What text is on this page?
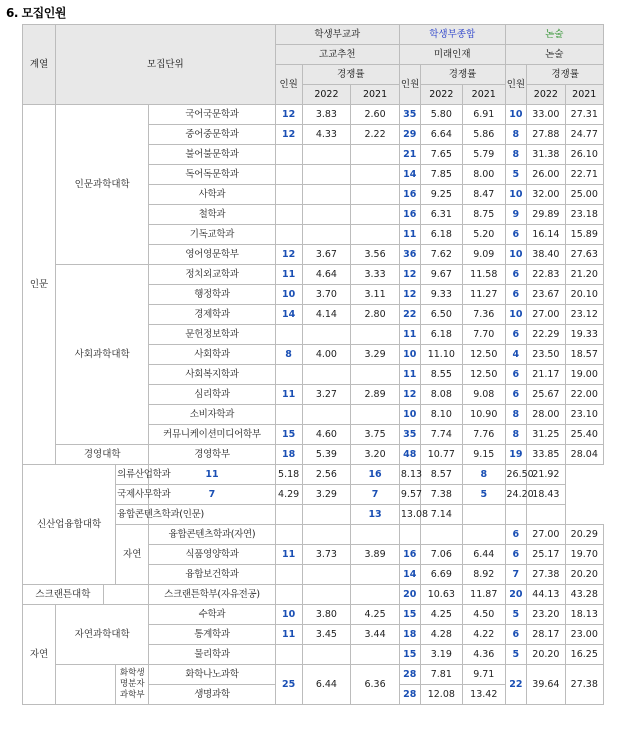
6. 모집인원
계열	모집단위				학생부교과			학생부종합			논술		
					고교추천			미래인재			논술		
					인원	경쟁률		인원	경쟁률		인원	경쟁률	
						2022	2021		2022	2021		2022	2021
인문	인문과학대학			국어국문학과	12	3.83	2.60	35	5.80	6.91	10	33.00	27.31
				중어중문학과	12	4.33	2.22	29	6.64	5.86	8	27.88	24.77
				불어불문학과				21	7.65	5.79	8	31.38	26.10
				독어독문학과				14	7.85	8.00	5	26.00	22.71
				사학과				16	9.25	8.47	10	32.00	25.00
				철학과				16	6.31	8.75	9	29.89	23.18
				기독교학과				11	6.18	5.20	6	16.14	15.89
				영어영문학부	12	3.67	3.56	36	7.62	9.09	10	38.40	27.63
	사회과학대학			정치외교학과	11	4.64	3.33	12	9.67	11.58	6	22.83	21.20
				행정학과	10	3.70	3.11	12	9.33	11.27	6	23.67	20.10
				경제학과	14	4.14	2.80	22	6.50	7.36	10	27.00	23.12
				문헌정보학과				11	6.18	7.70	6	22.29	19.33
				사회학과	8	4.00	3.29	10	11.10	12.50	4	23.50	18.57
				사회복지학과				11	8.55	12.50	6	21.17	19.00
				심리학과	11	3.27	2.89	12	8.08	9.08	6	25.67	22.00
				소비자학과				10	8.10	10.90	8	28.00	23.10
				커뮤니케이션미디어학부	15	4.60	3.75	35	7.74	7.76	8	31.25	25.40
	경영대학			경영학부	18	5.39	3.20	48	10.77	9.15	19	33.85	28.04
신산업융합대학			의류산업학과	11	5.18	2.56	16	8.13	8.57	8	26.50	21.92	
			국제사무학과	7	4.29	3.29	7	9.57	7.38	5	24.20	18.43	
			융합콘텐츠학과(인문)				13	13.08	7.14				
			자연	융합콘텐츠학과(자연)							6	27.00	20.29
				식품영양학과	11	3.73	3.89	16	7.06	6.44	6	25.17	19.70
				융합보건학과				14	6.69	8.92	7	27.38	20.20
스크랜튼대학				스크랜튼학부(자유전공)				20	10.63	11.87	20	44.13	43.28
자연	자연과학대학			수학과	10	3.80	4.25	15	4.25	4.50	5	23.20	18.13
				통계학과	11	3.45	3.44	18	4.28	4.22	6	28.17	23.00
				물리학과				15	3.19	4.36	5	20.20	16.25
			화학생명분자과학부	화학나노과학	25	6.44	6.36	28	7.81	9.71	22	39.64	27.38
				생명과학				28	12.08	13.42			
